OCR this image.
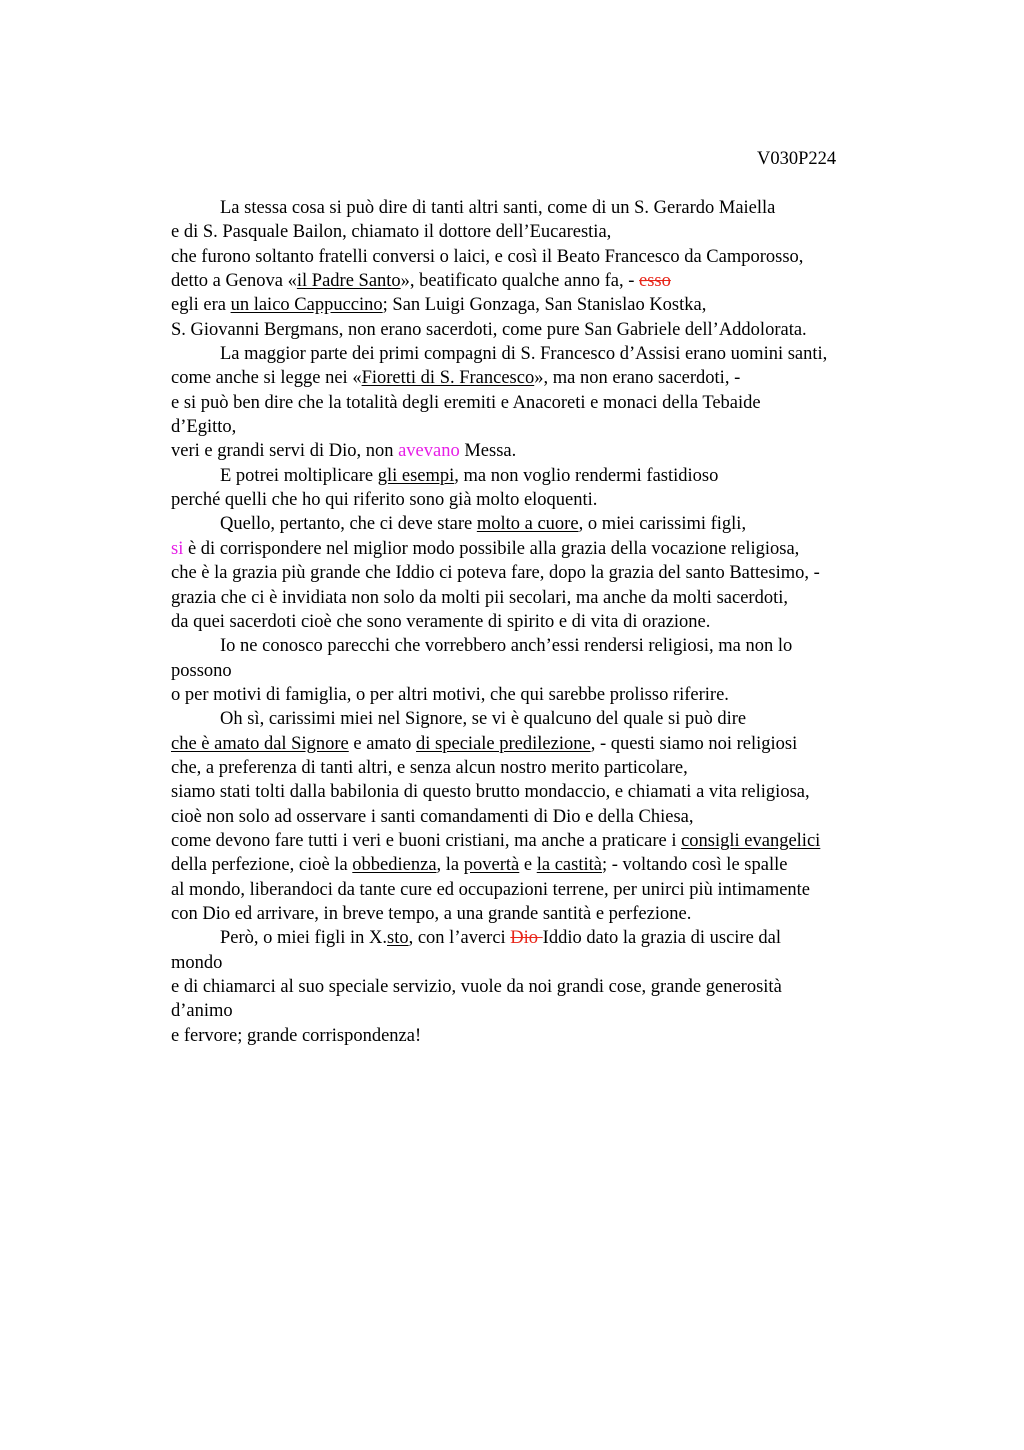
V030P224
La stessa cosa si può dire di tanti altri santi, come di un S. Gerardo Maiella
e di S. Pasquale Bailon, chiamato il dottore dell’Eucarestia,
che furono soltanto fratelli conversi o laici, e così il Beato Francesco da Camporosso,
detto a Genova «il Padre Santo», beatificato qualche anno fa, - esso
egli era un laico Cappuccino; San Luigi Gonzaga, San Stanislao Kostka,
S. Giovanni Bergmans, non erano sacerdoti, come pure San Gabriele dell’Addolorata.
La maggior parte dei primi compagni di S. Francesco d’Assisi erano uomini santi,
come anche si legge nei «Fioretti di S. Francesco», ma non erano sacerdoti, -
e si può ben dire che la totalità degli eremiti e Anacoreti e monaci della Tebaide
d’Egitto,
veri e grandi servi di Dio, non avevano Messa.
E potrei moltiplicare gli esempi, ma non voglio rendermi fastidioso
perché quelli che ho qui riferito sono già molto eloquenti.
Quello, pertanto, che ci deve stare molto a cuore, o miei carissimi figli,
si è di corrispondere nel miglior modo possibile alla grazia della vocazione religiosa,
che è la grazia più grande che Iddio ci poteva fare, dopo la grazia del santo Battesimo, -
grazia che ci è invidiata non solo da molti pii secolari, ma anche da molti sacerdoti,
da quei sacerdoti cioè che sono veramente di spirito e di vita di orazione.
Io ne conosco parecchi che vorrebbero anch’essi rendersi religiosi, ma non lo
possono
o per motivi di famiglia, o per altri motivi, che qui sarebbe prolisso riferire.
Oh sì, carissimi miei nel Signore, se vi è qualcuno del quale si può dire
che è amato dal Signore e amato di speciale predilezione, - questi siamo noi religiosi
che, a preferenza di tanti altri, e senza alcun nostro merito particolare,
siamo stati tolti dalla babilonia di questo brutto mondaccio, e chiamati a vita religiosa,
cioè non solo ad osservare i santi comandamenti di Dio e della Chiesa,
come devono fare tutti i veri e buoni cristiani, ma anche a praticare i consigli evangelici
della perfezione, cioè la obbedienza, la povertà e la castità; - voltando così le spalle
al mondo, liberandoci da tante cure ed occupazioni terrene, per unirci più intimamente
con Dio ed arrivare, in breve tempo, a una grande santità e perfezione.
Però, o miei figli in X.sto, con l’averci Dio Iddio dato la grazia di uscire dal
mondo
e di chiamarci al suo speciale servizio, vuole da noi grandi cose, grande generosità
d’animo
e fervore; grande corrispondenza!
